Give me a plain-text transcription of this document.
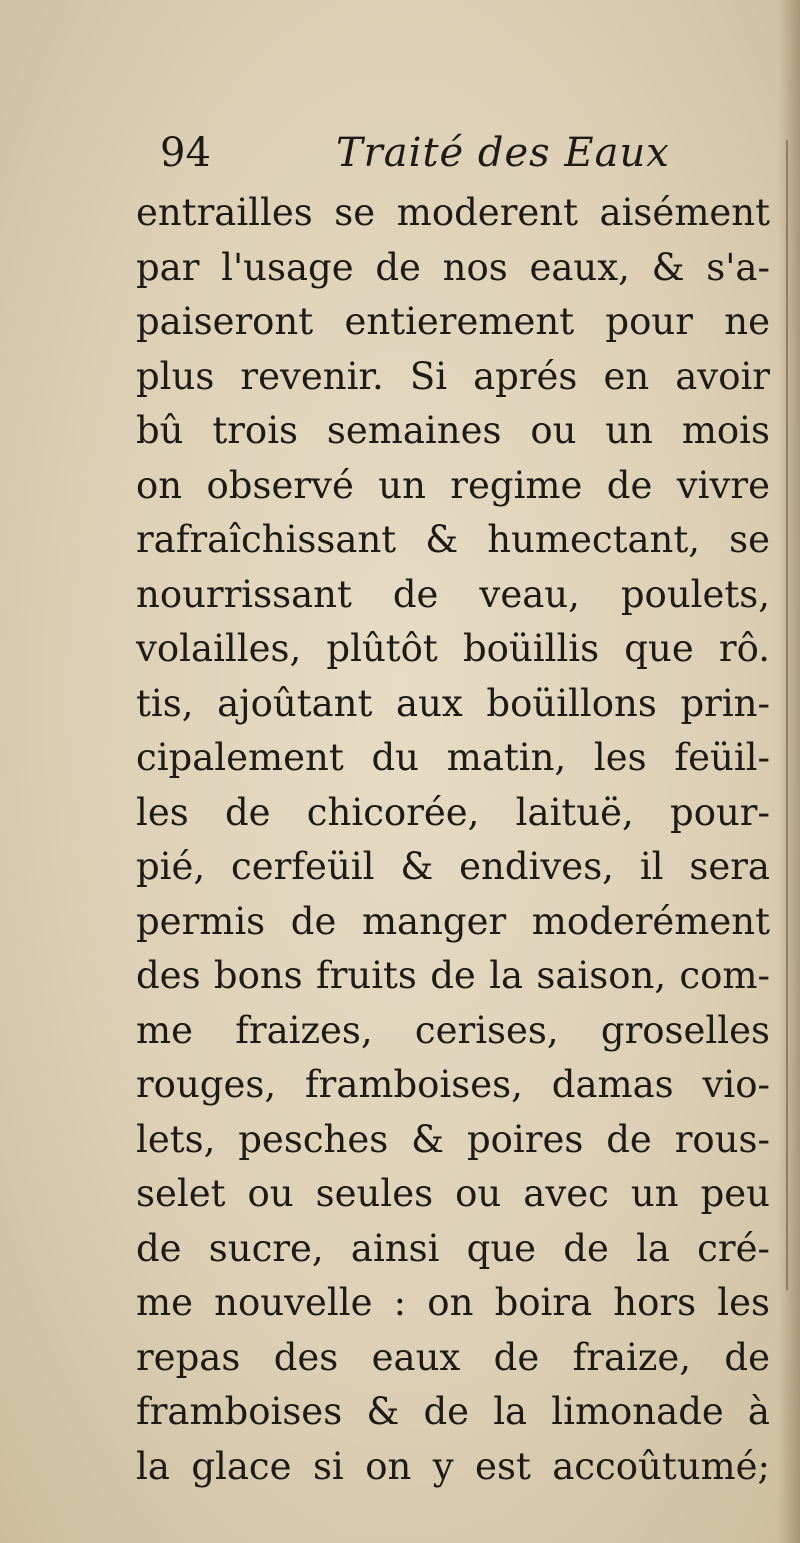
94	Traité des Eaux
entrailles se moderent aisément
par l'usage de nos eaux, & s'a-
paiseront entierement pour ne
plus revenir. Si aprés en avoir
bû trois semaines ou un mois
on observé un regime de vivre
rafraîchissant & humectant, se
nourrissant de veau, poulets,
volailles, plûtôt boüillis que rô.
tis, ajoûtant aux boüillons prin-
cipalement du matin, les feüil-
les de chicorée, laituë, pour-
pié, cerfeüil & endives, il sera
permis de manger moderément
des bons fruits de la saison, com-
me fraizes, cerises, groselles
rouges, framboises, damas vio-
lets, pesches & poires de rous-
selet ou seules ou avec un peu
de sucre, ainsi que de la cré-
me nouvelle : on boira hors les
repas des eaux de fraize, de
framboises & de la limonade à
la glace si on y est accoûtumé;
